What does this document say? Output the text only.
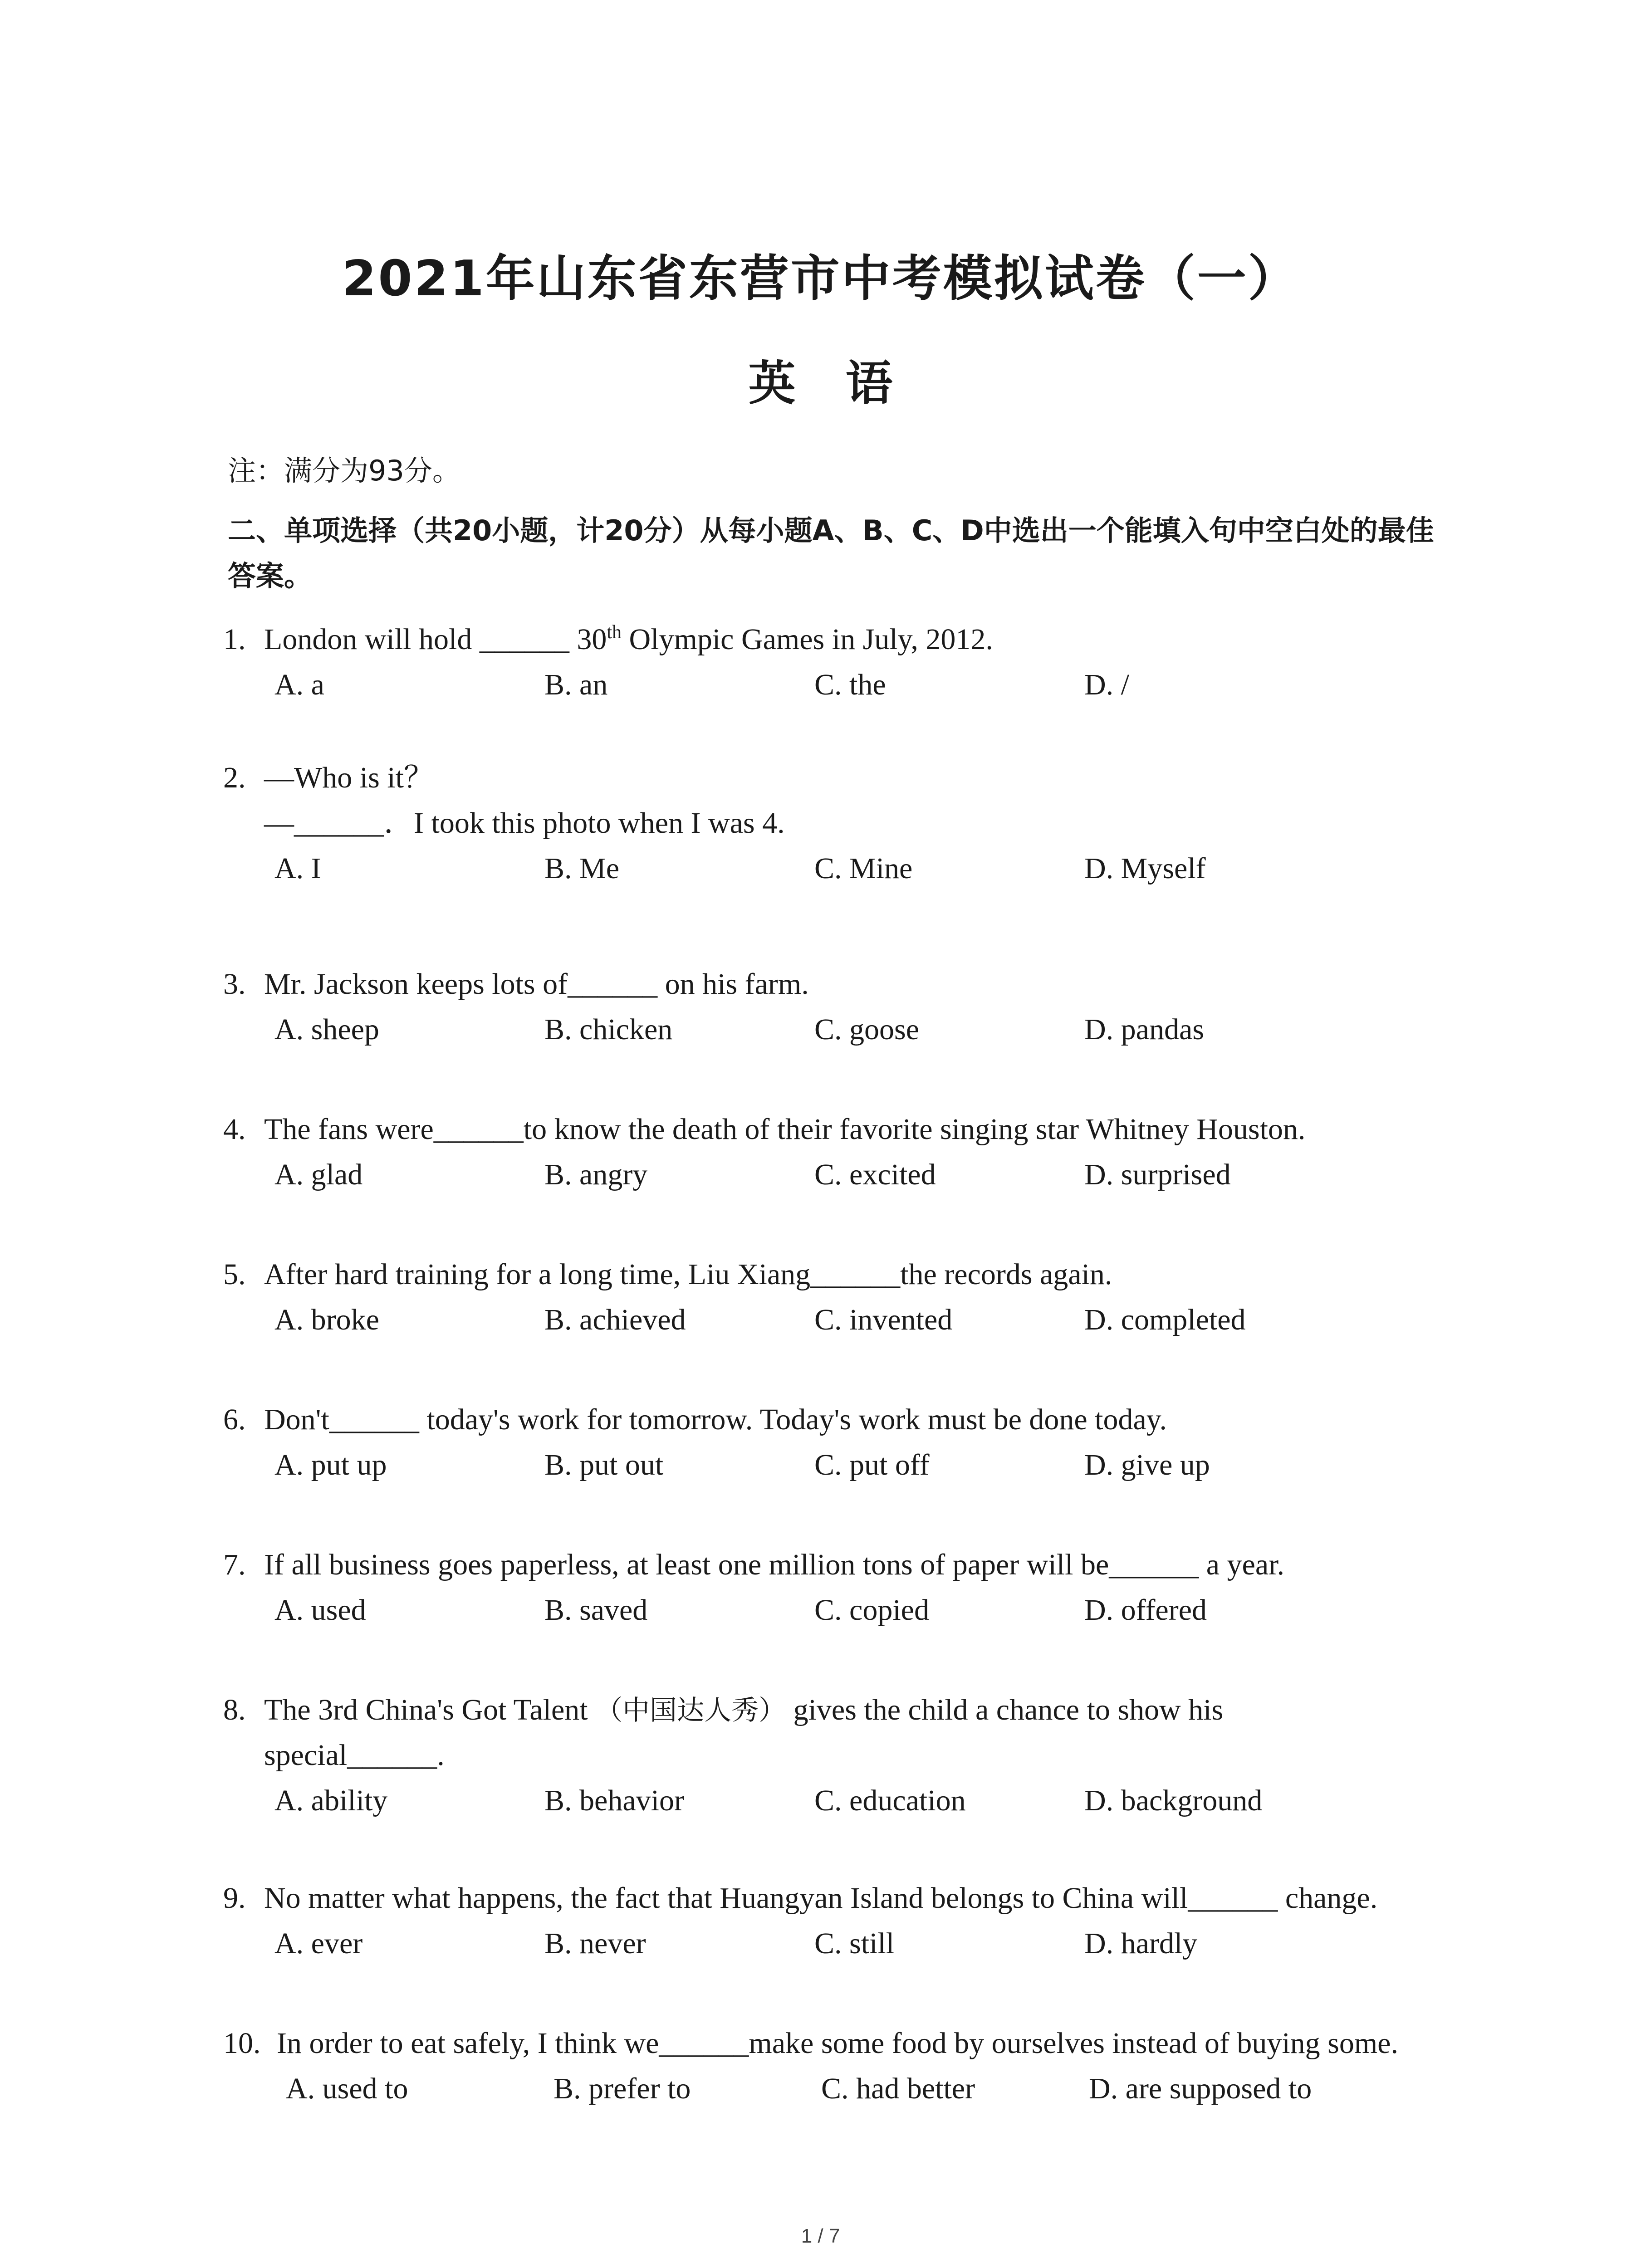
2021年山东省东营市中考模拟试卷（一）
英语
注：满分为93分。
二、单项选择（共20小题，计20分）从每小题A、B、C、D中选出一个能填入句中空白处的最佳答案。
1. London will hold ______ 30th Olympic Games in July, 2012.
A. a	B. an	C. the	D. /
2. —Who is it？
—______．I took this photo when I was 4.
A. I	B. Me	C. Mine	D. Myself
3. Mr. Jackson keeps lots of______ on his farm.
A. sheep	B. chicken	C. goose	D. pandas
4. The fans were______to know the death of their favorite singing star Whitney Houston.
A. glad	B. angry	C. excited	D. surprised
5. After hard training for a long time, Liu Xiang______the records again.
A. broke	B. achieved	C. invented	D. completed
6. Don't______ today's work for tomorrow. Today's work must be done today.
A. put up	B. put out	C. put off	D. give up
7. If all business goes paperless, at least one million tons of paper will be______ a year.
A. used	B. saved	C. copied	D. offered
8. The 3rd China's Got Talent （中国达人秀） gives the child a chance to show his
special______.
A. ability	B. behavior	C. education	D. background
9. No matter what happens, the fact that Huangyan Island belongs to China will______ change.
A. ever	B. never	C. still	D. hardly
10. In order to eat safely, I think we______make some food by ourselves instead of buying some.
A. used to	B. prefer to	C. had better	D. are supposed to
1 / 7
